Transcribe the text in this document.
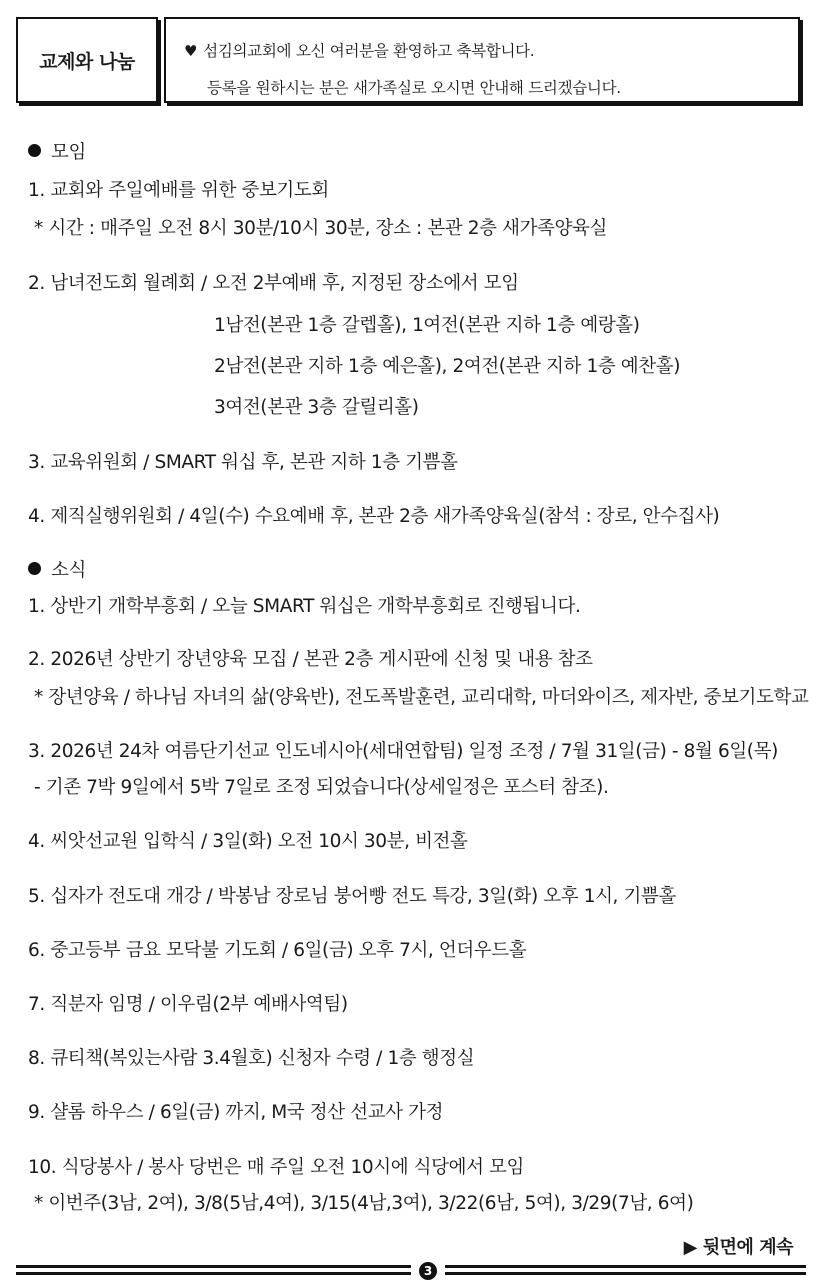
교제와 나눔	♥ 섬김의교회에 오신 여러분을 환영하고 축복합니다.
등록을 원하시는 분은 새가족실로 오시면 안내해 드리겠습니다.
모임
1. 교회와 주일예배를 위한 중보기도회
* 시간 : 매주일 오전 8시 30분/10시 30분, 장소 : 본관 2층 새가족양육실
2. 남녀전도회 월례회 / 오전 2부예배 후, 지정된 장소에서 모임
1남전(본관 1층 갈렙홀), 1여전(본관 지하 1층 예랑홀)
2남전(본관 지하 1층 예은홀), 2여전(본관 지하 1층 예찬홀)
3여전(본관 3층 갈릴리홀)
3. 교육위원회 / SMART 워십 후, 본관 지하 1층 기쁨홀
4. 제직실행위원회 / 4일(수) 수요예배 후, 본관 2층 새가족양육실(참석 : 장로, 안수집사)
소식
1. 상반기 개학부흥회 / 오늘 SMART 워십은 개학부흥회로 진행됩니다.
2. 2026년 상반기 장년양육 모집 / 본관 2층 게시판에 신청 및 내용 참조
* 장년양육 / 하나님 자녀의 삶(양육반), 전도폭발훈련, 교리대학, 마더와이즈, 제자반, 중보기도학교
3. 2026년 24차 여름단기선교 인도네시아(세대연합팀) 일정 조정 / 7월 31일(금) - 8월 6일(목)
- 기존 7박 9일에서 5박 7일로 조정 되었습니다(상세일정은 포스터 참조).
4. 씨앗선교원 입학식 / 3일(화) 오전 10시 30분, 비전홀
5. 십자가 전도대 개강 / 박봉남 장로님 붕어빵 전도 특강, 3일(화) 오후 1시, 기쁨홀
6. 중고등부 금요 모닥불 기도회 / 6일(금) 오후 7시, 언더우드홀
7. 직분자 임명 / 이우림(2부 예배사역팀)
8. 큐티책(복있는사람 3.4월호) 신청자 수령 / 1층 행정실
9. 샬롬 하우스 / 6일(금) 까지, M국 정산 선교사 가정
10. 식당봉사 / 봉사 당번은 매 주일 오전 10시에 식당에서 모임
* 이번주(3남, 2여), 3/8(5남,4여), 3/15(4남,3여), 3/22(6남, 5여), 3/29(7남, 6여)
▶ 뒷면에 계속
3
